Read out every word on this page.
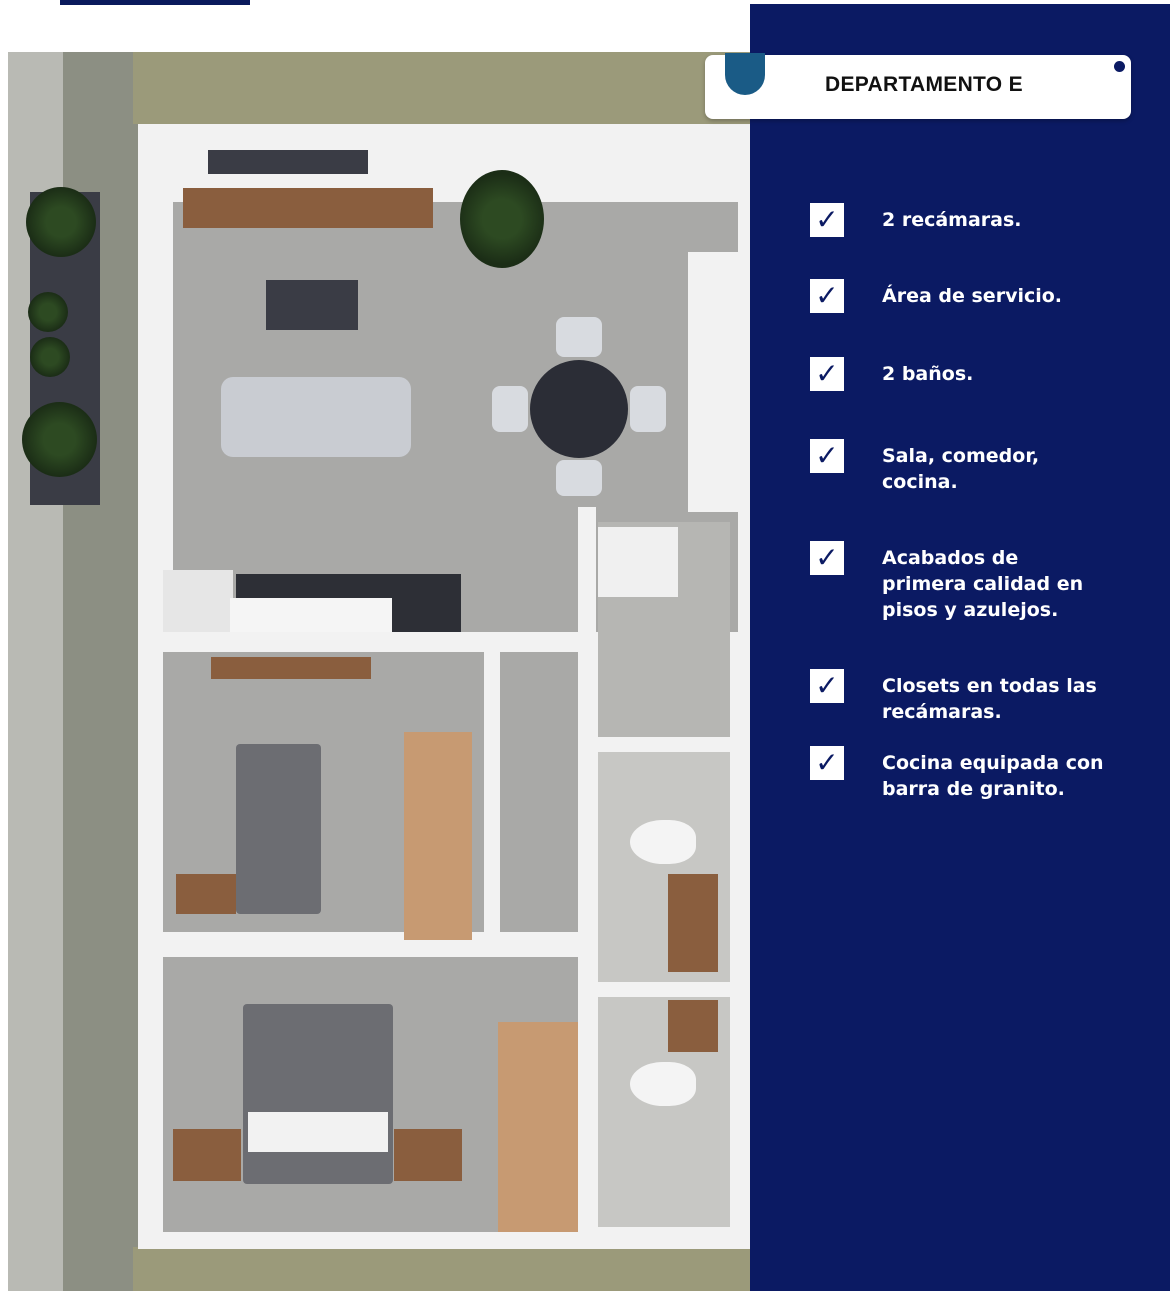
DEPARTAMENTO E
✓ 2 recámaras.
✓ Área de servicio.
✓ 2 baños.
✓ Sala, comedor, cocina.
✓ Acabados de primera calidad en pisos y azulejos.
✓ Closets en todas las recámaras.
✓ Cocina equipada con barra de granito.
